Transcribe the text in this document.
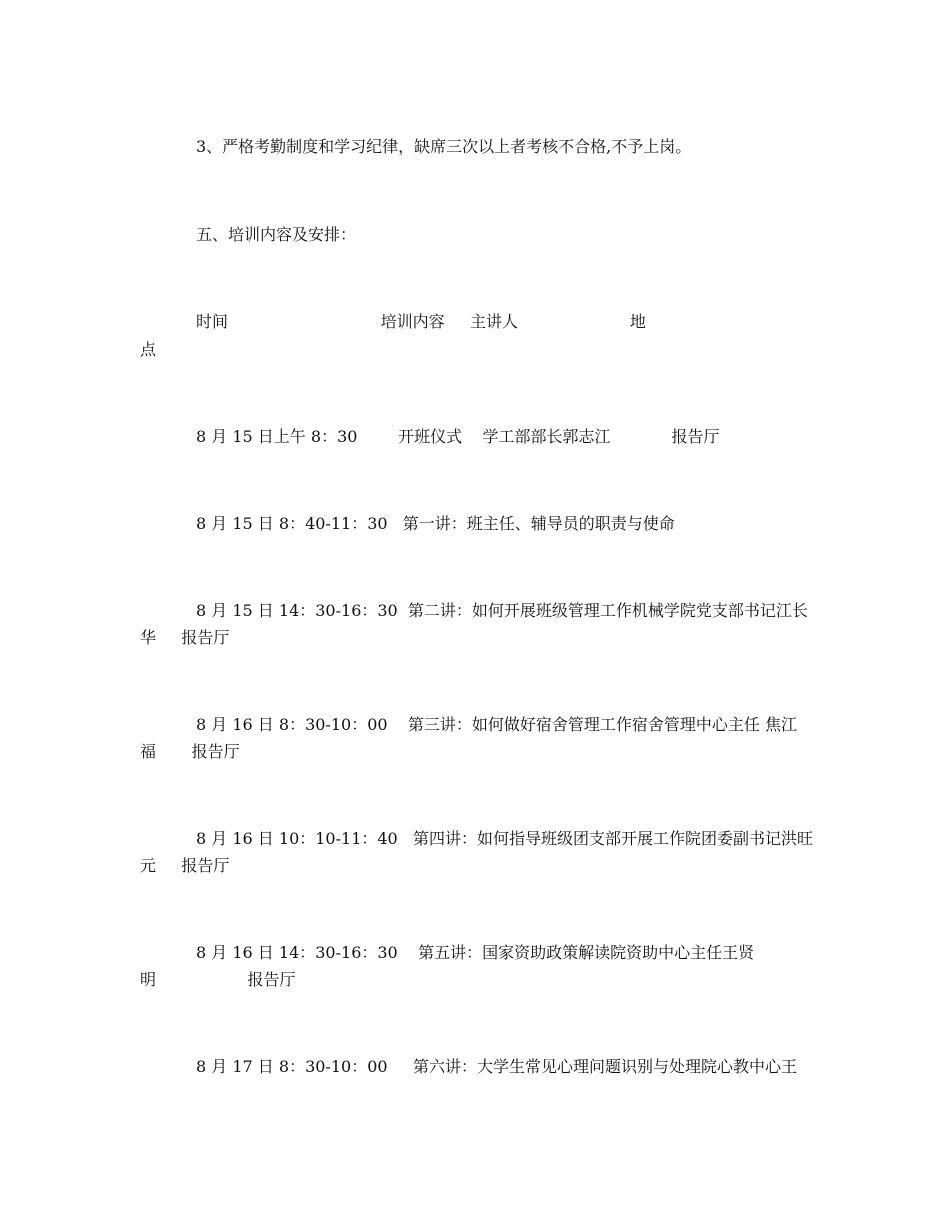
3、严格考勤制度和学习纪律，缺席三次以上者考核不合格,不予上岗。

五、培训内容及安排：

时间                              培训内容     主讲人                      地

点

8 月 15 日上午 8：30        开班仪式    学工部部长郭志江            报告厅

8 月 15 日 8：40-11：30   第一讲：班主任、辅导员的职责与使命

8 月 15 日 14：30-16：30  第二讲：如何开展班级管理工作机械学院党支部书记江长

华     报告厅

8 月 16 日 8：30-10：00    第三讲：如何做好宿舍管理工作宿舍管理中心主任 焦江

福       报告厅

8 月 16 日 10：10-11：40   第四讲：如何指导班级团支部开展工作院团委副书记洪旺

元     报告厅

8 月 16 日 14：30-16：30    第五讲：国家资助政策解读院资助中心主任王贤

明                  报告厅

8 月 17 日 8：30-10：00     第六讲：大学生常见心理问题识别与处理院心教中心王
